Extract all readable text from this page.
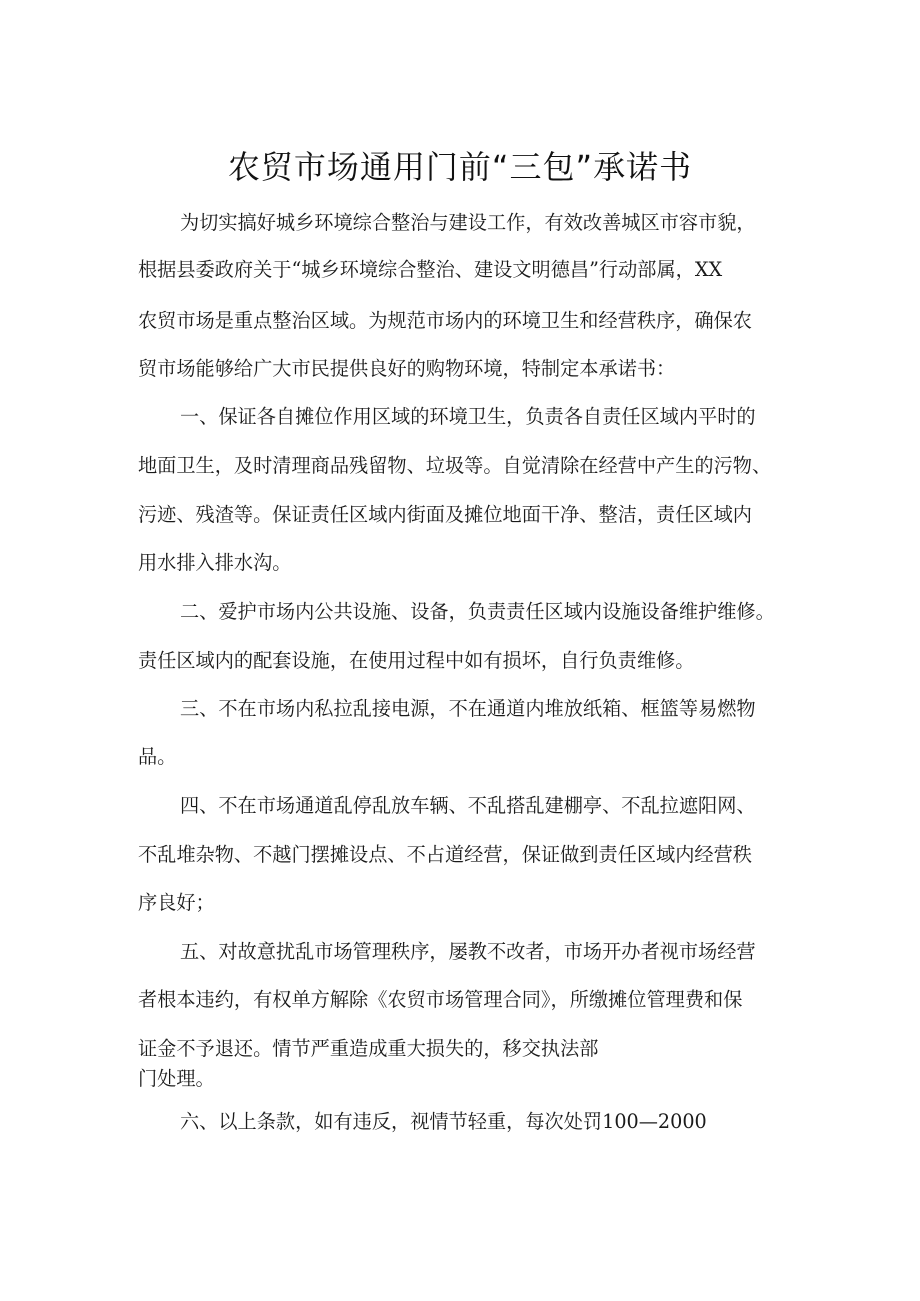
农贸市场通用门前“三包”承诺书

为切实搞好城乡环境综合整治与建设工作，有效改善城区市容市貌，

根据县委政府关于“城乡环境综合整治、建设文明德昌”行动部属，XX

农贸市场是重点整治区域。为规范市场内的环境卫生和经营秩序，确保农

贸市场能够给广大市民提供良好的购物环境，特制定本承诺书：

一、保证各自摊位作用区域的环境卫生，负责各自责任区域内平时的

地面卫生，及时清理商品残留物、垃圾等。自觉清除在经营中产生的污物、

污迹、残渣等。保证责任区域内街面及摊位地面干净、整洁，责任区域内

用水排入排水沟。

二、爱护市场内公共设施、设备，负责责任区域内设施设备维护维修。

责任区域内的配套设施，在使用过程中如有损坏，自行负责维修。

三、不在市场内私拉乱接电源，不在通道内堆放纸箱、框篮等易燃物

品。

四、不在市场通道乱停乱放车辆、不乱搭乱建棚亭、不乱拉遮阳网、

不乱堆杂物、不越门摆摊设点、不占道经营，保证做到责任区域内经营秩

序良好；

五、对故意扰乱市场管理秩序，屡教不改者，市场开办者视市场经营

者根本违约，有权单方解除《农贸市场管理合同》，所缴摊位管理费和保

证金不予退还。情节严重造成重大损失的，移交执法部

门处理。

六、以上条款，如有违反，视情节轻重，每次处罚100—2000
